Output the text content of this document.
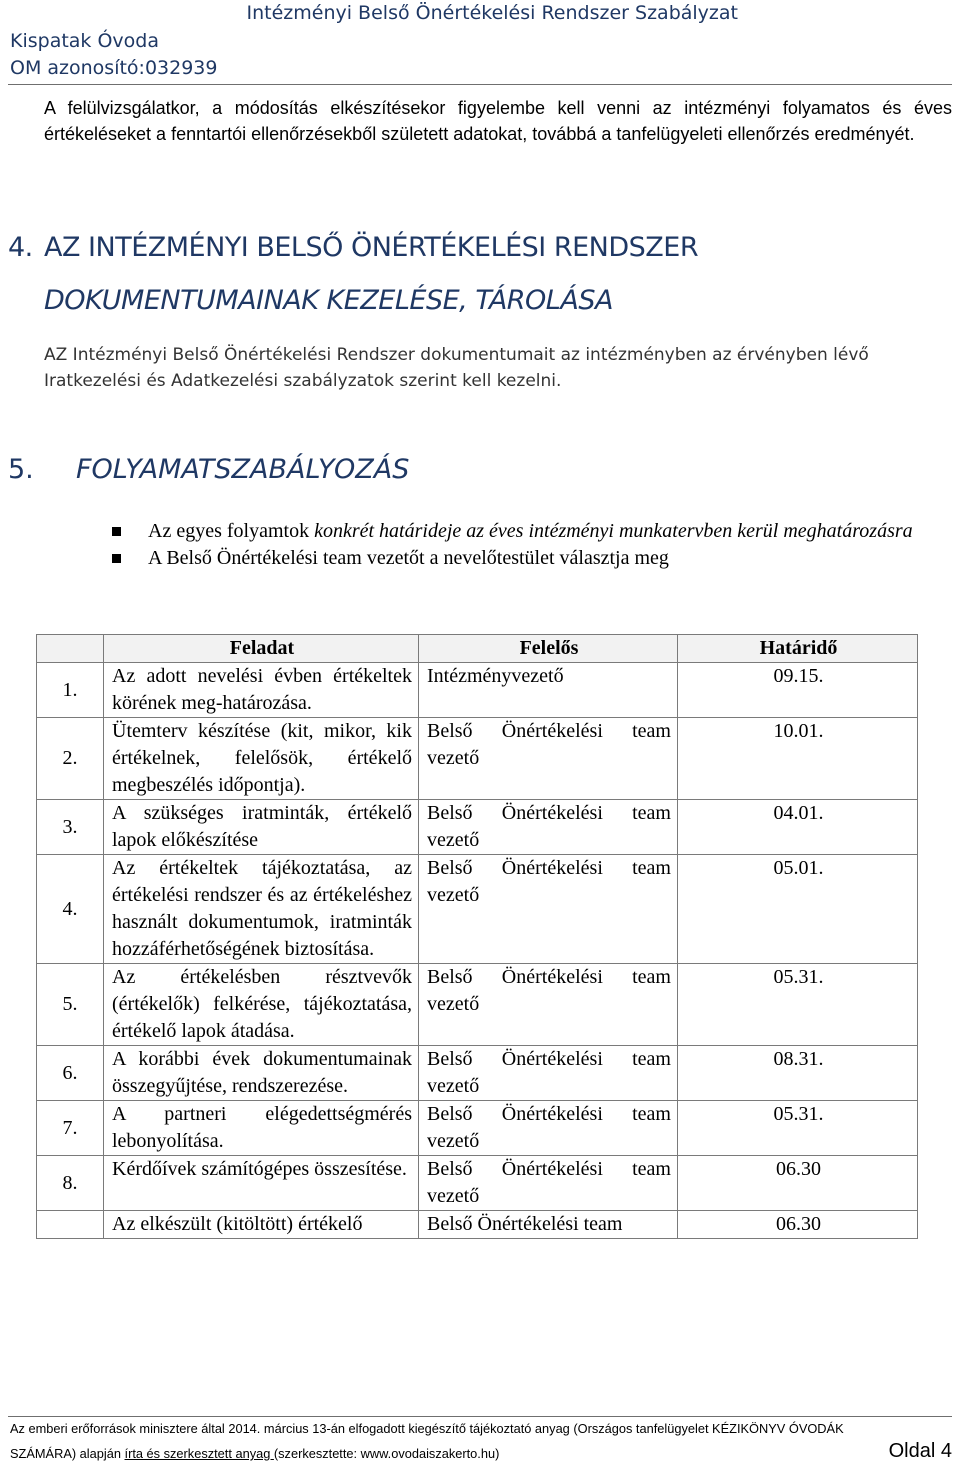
Intézményi Belső Önértékelési Rendszer Szabályzat
Kispatak Óvoda
OM azonosító:032939
A felülvizsgálatkor, a módosítás elkészítésekor figyelembe kell venni az intézményi folyamatos és éves értékeléseket a fenntartói ellenőrzésekből született adatokat, továbbá a tanfelügyeleti ellenőrzés eredményét.
4. AZ INTÉZMÉNYI BELSŐ ÖNÉRTÉKELÉSI RENDSZER
DOKUMENTUMAINAK KEZELÉSE, TÁROLÁSA
AZ Intézményi Belső Önértékelési Rendszer dokumentumait az intézményben az érvényben lévő Iratkezelési és Adatkezelési szabályzatok szerint kell kezelni.
5. FOLYAMATSZABÁLYOZÁS
Az egyes folyamtok konkrét határideje az éves intézményi munkatervben kerül meghatározásra
A Belső Önértékelési team vezetőt a nevelőtestület választja meg
	Feladat	Felelős	Határidő
1.	Az adott nevelési évben értékeltek körének meg-határozása.	Intézményvezető	09.15.
2.	Ütemterv készítése (kit, mikor, kik értékelnek, felelősök, értékelő megbeszélés időpontja).	Belső Önértékelési team vezető	10.01.
3.	A szükséges iratminták, értékelő lapok előkészítése	Belső Önértékelési team vezető	04.01.
4.	Az értékeltek tájékoztatása, az értékelési rendszer és az értékeléshez használt dokumentumok, iratminták hozzáférhetőségének biztosítása.	Belső Önértékelési team vezető	05.01.
5.	Az értékelésben résztvevők (értékelők) felkérése, tájékoztatása, értékelő lapok átadása.	Belső Önértékelési team vezető	05.31.
6.	A korábbi évek dokumentumainak összegyűjtése, rendszerezése.	Belső Önértékelési team vezető	08.31.
7.	A partneri elégedettségmérés lebonyolítása.	Belső Önértékelési team vezető	05.31.
8.	Kérdőívek számítógépes összesítése.	Belső Önértékelési team vezető	06.30
	Az elkészült (kitöltött) értékelő	Belső Önértékelési team	06.30
Az emberi erőforrások minisztere által 2014. március 13-án elfogadott kiegészítő tájékoztató anyag (Országos tanfelügyelet KÉZIKÖNYV ÓVODÁK
SZÁMÁRA) alapján írta és szerkesztett anyag (szerkesztette: www.ovodaiszakerto.hu)	Oldal 4
